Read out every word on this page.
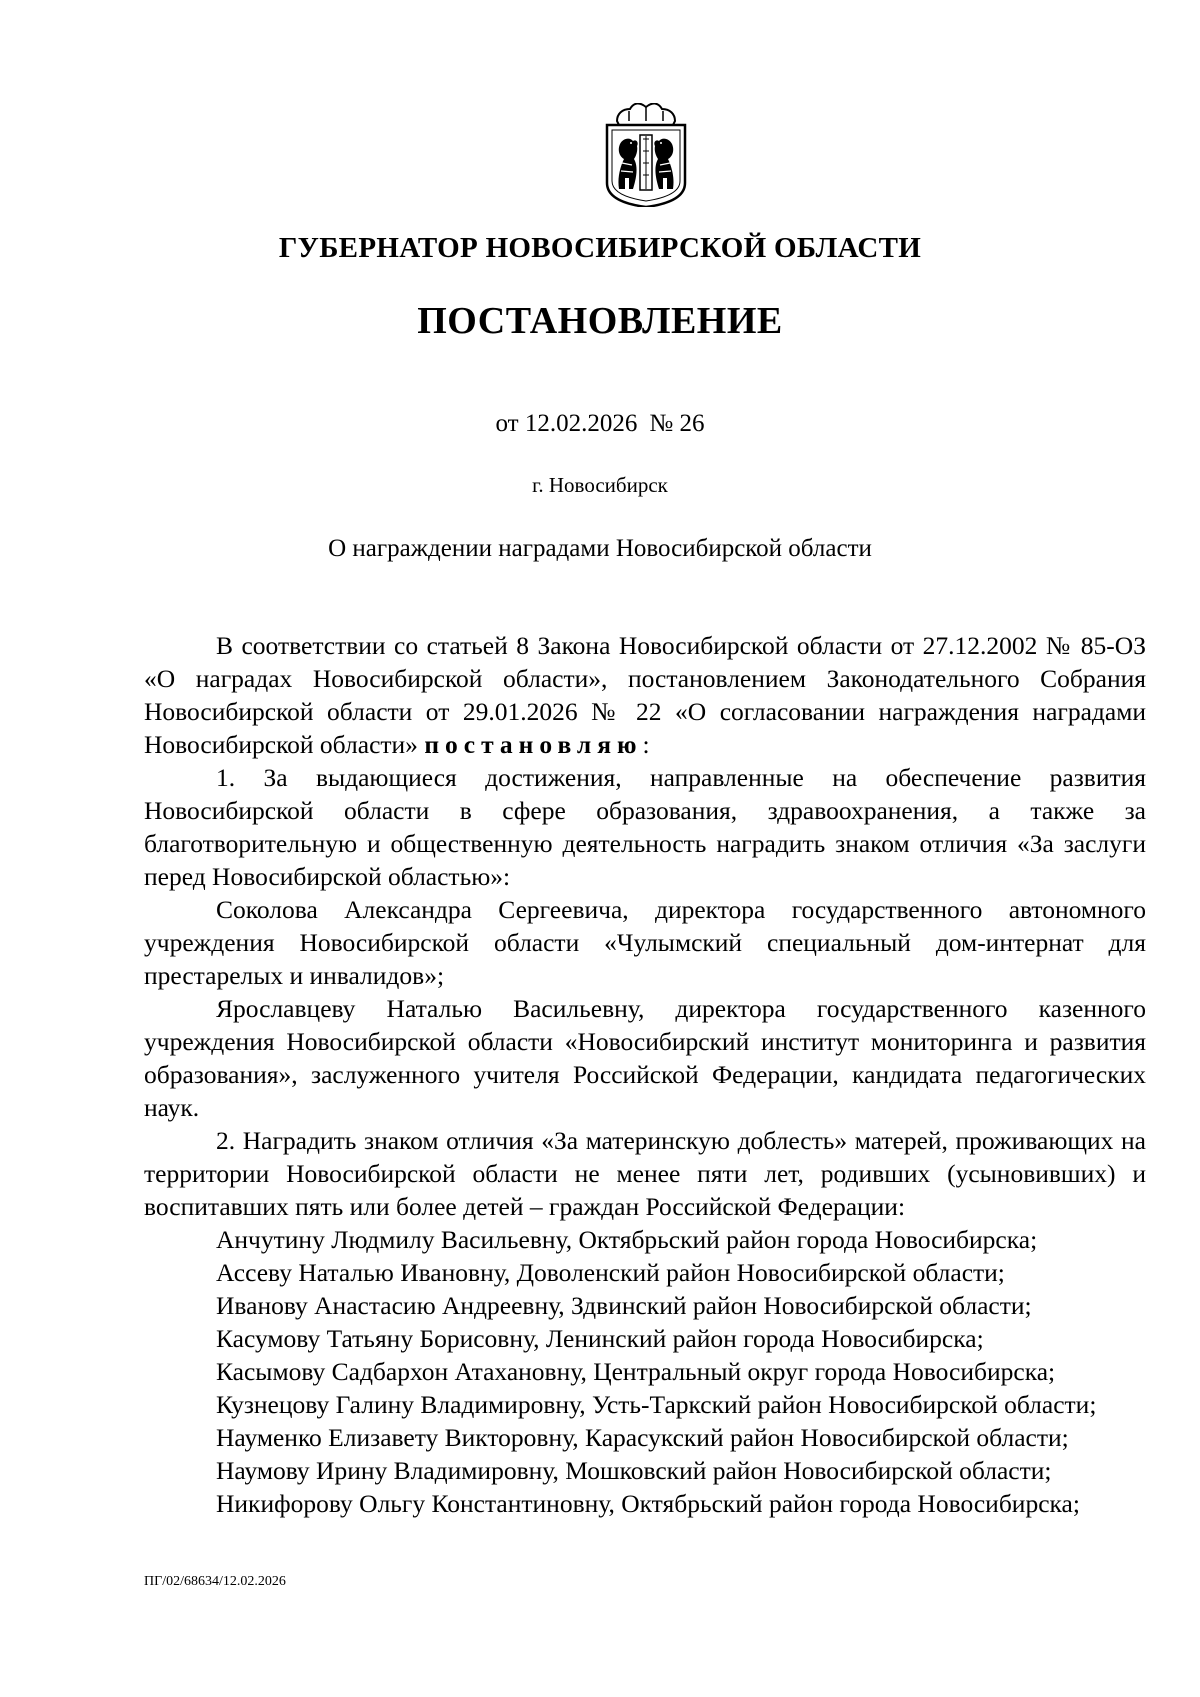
ГУБЕРНАТОР НОВОСИБИРСКОЙ ОБЛАСТИ
ПОСТАНОВЛЕНИЕ
от 12.02.2026 № 26
г. Новосибирск
О награждении наградами Новосибирской области

В соответствии со статьей 8 Закона Новосибирской области от 27.12.2002 № 85-ОЗ «О наградах Новосибирской области», постановлением Законодательного Собрания Новосибирской области от 29.01.2026 № 22 «О согласовании награждения наградами Новосибирской области» постановляю:

1. За выдающиеся достижения, направленные на обеспечение развития Новосибирской области в сфере образования, здравоохранения, а также за благотворительную и общественную деятельность наградить знаком отличия «За заслуги перед Новосибирской областью»:

Соколова Александра Сергеевича, директора государственного автономного учреждения Новосибирской области «Чулымский специальный дом-интернат для престарелых и инвалидов»;

Ярославцеву Наталью Васильевну, директора государственного казенного учреждения Новосибирской области «Новосибирский институт мониторинга и развития образования», заслуженного учителя Российской Федерации, кандидата педагогических наук.

2. Наградить знаком отличия «За материнскую доблесть» матерей, проживающих на территории Новосибирской области не менее пяти лет, родивших (усыновивших) и воспитавших пять или более детей – граждан Российской Федерации:

Анчутину Людмилу Васильевну, Октябрьский район города Новосибирска;

Ассеву Наталью Ивановну, Доволенский район Новосибирской области;

Иванову Анастасию Андреевну, Здвинский район Новосибирской области;

Касумову Татьяну Борисовну, Ленинский район города Новосибирска;

Касымову Садбархон Атахановну, Центральный округ города Новосибирска;

Кузнецову Галину Владимировну, Усть-Таркский район Новосибирской области;

Науменко Елизавету Викторовну, Карасукский район Новосибирской области;

Наумову Ирину Владимировну, Мошковский район Новосибирской области;

Никифорову Ольгу Константиновну, Октябрьский район города Новосибирска;

ПГ/02/68634/12.02.2026
